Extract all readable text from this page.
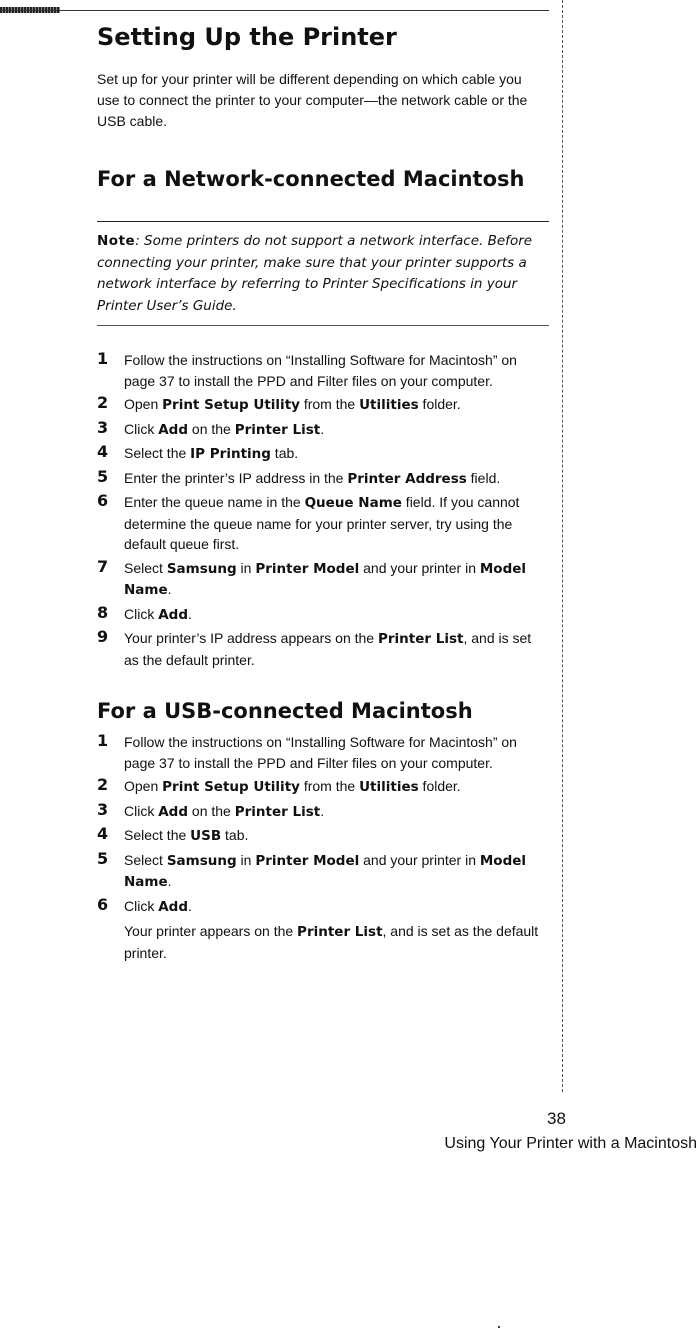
Setting Up the Printer

Set up for your printer will be different depending on which cable you use to connect the printer to your computer—the network cable or the USB cable.

For a Network-connected Macintosh
Note: Some printers do not support a network interface. Before connecting your printer, make sure that your printer supports a network interface by referring to Printer Specifications in your Printer User’s Guide.
1	Follow the instructions on “Installing Software for Macintosh” on page 37 to install the PPD and Filter files on your computer.
2	Open Print Setup Utility from the Utilities folder.
3	Click Add on the Printer List.
4	Select the IP Printing tab.
5	Enter the printer’s IP address in the Printer Address field.
6	Enter the queue name in the Queue Name field. If you cannot determine the queue name for your printer server, try using the default queue first.
7	Select Samsung in Printer Model and your printer in Model Name.
8	Click Add.
9	Your printer’s IP address appears on the Printer List, and is set as the default printer.
For a USB-connected Macintosh
1	Follow the instructions on “Installing Software for Macintosh” on page 37 to install the PPD and Filter files on your computer.
2	Open Print Setup Utility from the Utilities folder.
3	Click Add on the Printer List.
4	Select the USB tab.
5	Select Samsung in Printer Model and your printer in Model Name.
6	Click Add.
Your printer appears on the Printer List, and is set as the default printer.
38
Using Your Printer with a Macintosh
